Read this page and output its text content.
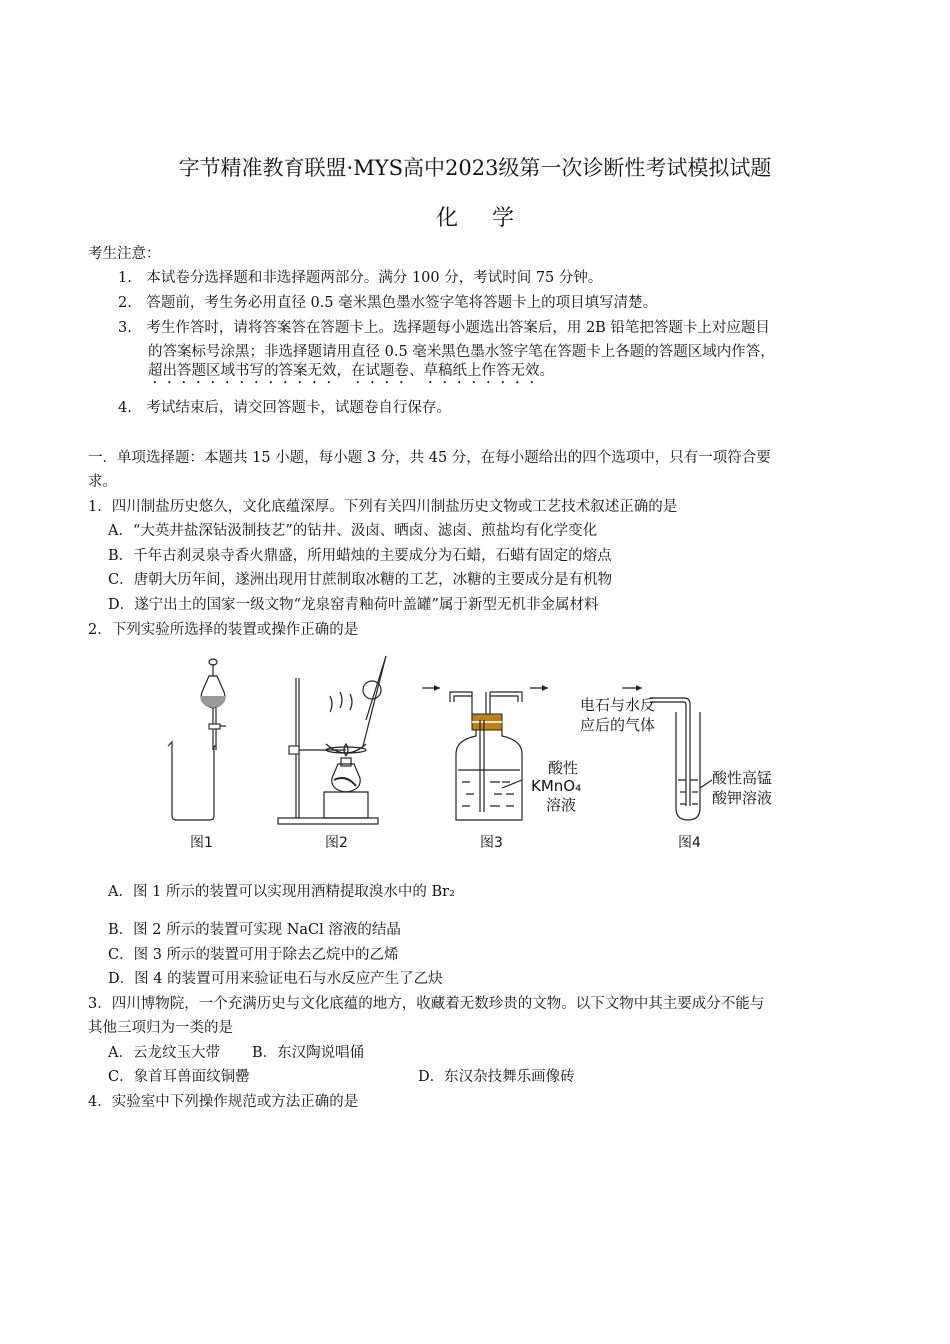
字节精准教育联盟·MYS高中2023级第一次诊断性考试模拟试题
化学
考生注意：
1.　本试卷分选择题和非选择题两部分。满分 100 分，考试时间 75 分钟。
2.　答题前，考生务必用直径 0.5 毫米黑色墨水签字笔将答题卡上的项目填写清楚。
3.　考生作答时，请将答案答在答题卡上。选择题每小题选出答案后，用 2B 铅笔把答题卡上对应题目
的答案标号涂黑；非选择题请用直径 0.5 毫米黑色墨水签字笔在答题卡上各题的答题区域内作答，
超出答题区域书写的答案无效，在试题卷、草稿纸上作答无效。
4.　考试结束后，请交回答题卡，试题卷自行保存。
一．单项选择题：本题共 15 小题，每小题 3 分，共 45 分，在每小题给出的四个选项中，只有一项符合要
求。
1．四川制盐历史悠久，文化底蕴深厚。下列有关四川制盐历史文物或工艺技术叙述正确的是
A．“大英井盐深钻汲制技艺”的钻井、汲卤、晒卤、滤卤、煎盐均有化学变化
B．千年古刹灵泉寺香火鼎盛，所用蜡烛的主要成分为石蜡，石蜡有固定的熔点
C．唐朝大历年间，遂洲出现用甘蔗制取冰糖的工艺，冰糖的主要成分是有机物
D．遂宁出土的国家一级文物“龙泉窑青釉荷叶盖罐”属于新型无机非金属材料
2．下列实验所选择的装置或操作正确的是
图1	图2	图3	图4
酸性
KMnO₄
溶液
电石与水反
应后的气体
酸性高锰
酸钾溶液
A．图 1 所示的装置可以实现用酒精提取溴水中的 Br₂
B．图 2 所示的装置可实现 NaCl 溶液的结晶
C．图 3 所示的装置可用于除去乙烷中的乙烯
D．图 4 的装置可用来验证电石与水反应产生了乙炔
3．四川博物院，一个充满历史与文化底蕴的地方，收藏着无数珍贵的文物。以下文物中其主要成分不能与
其他三项归为一类的是
A．云龙纹玉大带 B．东汉陶说唱俑
C．象首耳兽面纹铜罍	D．东汉杂技舞乐画像砖
4．实验室中下列操作规范或方法正确的是
